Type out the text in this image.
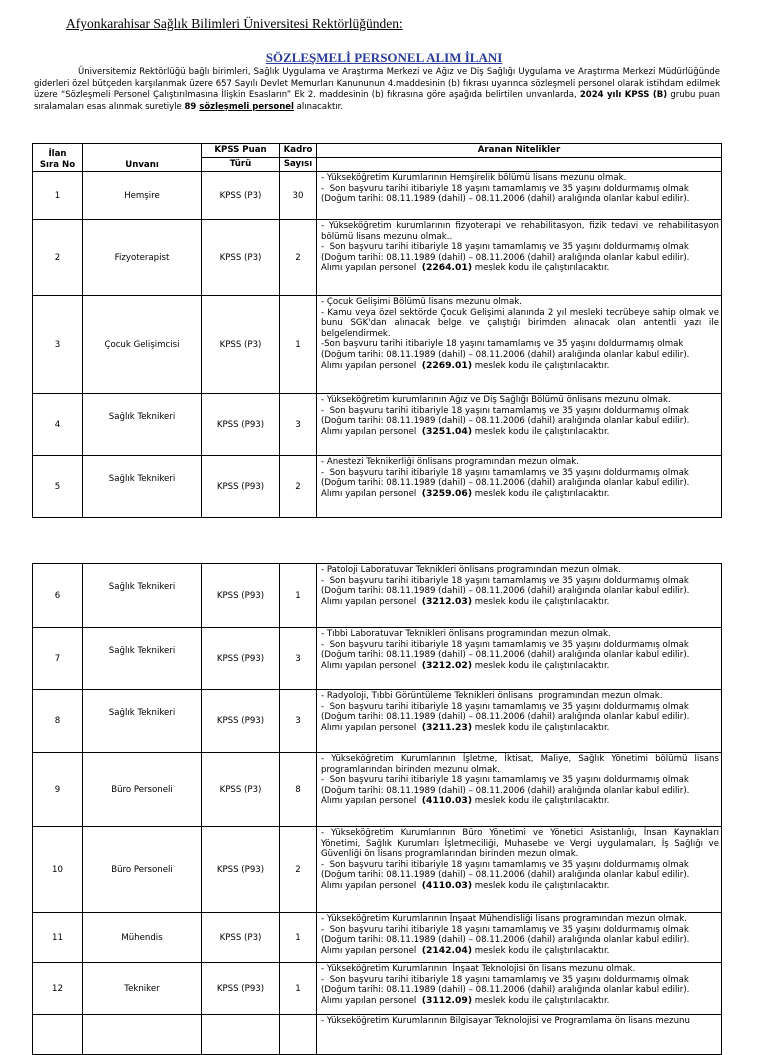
Afyonkarahisar Sağlık Bilimleri Üniversitesi Rektörlüğünden:
SÖZLEŞMELİ PERSONEL ALIM İLANI
Üniversitemiz Rektörlüğü bağlı birimleri, Sağlık Uygulama ve Araştırma Merkezi ve Ağız ve Diş Sağlığı Uygulama ve Araştırma Merkezi Müdürlüğünde giderleri özel bütçeden karşılanmak üzere 657 Sayılı Devlet Memurları Kanununun 4.maddesinin (b) fıkrası uyarınca sözleşmeli personel olarak istihdam edilmek üzere “Sözleşmeli Personel Çalıştırılmasına İlişkin Esasların” Ek 2. maddesinin (b) fıkrasına göre aşağıda belirtilen unvanlarda, 2024 yılı KPSS (B) grubu puan sıralamaları esas alınmak suretiyle 89 sözleşmeli personel alınacaktır.
İlan
Sıra No	Unvanı	KPSS Puan	Kadro	Aranan Nitelikler
		Türü	Sayısı	
1	Hemşire	KPSS (P3)	30	- Yükseköğretim Kurumlarının Hemşirelik bölümü lisans mezunu olmak.
-  Son başvuru tarihi itibariyle 18 yaşını tamamlamış ve 35 yaşını doldurmamış olmak
(Doğum tarihi: 08.11.1989 (dahil) – 08.11.2006 (dahil) aralığında olanlar kabul edilir).

2	Fizyoterapist	KPSS (P3)	2	- Yükseköğretim kurumlarının fizyoterapi ve rehabilitasyon, fizik tedavi ve rehabilitasyon bölümü lisans mezunu olmak..
-  Son başvuru tarihi itibariyle 18 yaşını tamamlamış ve 35 yaşını doldurmamış olmak
(Doğum tarihi: 08.11.1989 (dahil) – 08.11.2006 (dahil) aralığında olanlar kabul edilir).
Alımı yapılan personel  (2264.01) meslek kodu ile çalıştırılacaktır.

3	Çocuk Gelişimcisi	KPSS (P3)	1	- Çocuk Gelişimi Bölümü lisans mezunu olmak.
- Kamu veya özel sektörde Çocuk Gelişimi alanında 2 yıl mesleki tecrübeye sahip olmak ve bunu SGK'dan alınacak belge ve çalıştığı birimden alınacak olan antentli yazı ile belgelendirmek.
-Son başvuru tarihi itibariyle 18 yaşını tamamlamış ve 35 yaşını doldurmamış olmak
(Doğum tarihi: 08.11.1989 (dahil) – 08.11.2006 (dahil) aralığında olanlar kabul edilir).
Alımı yapılan personel  (2269.01) meslek kodu ile çalıştırılacaktır.

4	Sağlık Teknikeri	KPSS (P93)	3	- Yükseköğretim kurumlarının Ağız ve Diş Sağlığı Bölümü önlisans mezunu olmak.
-  Son başvuru tarihi itibariyle 18 yaşını tamamlamış ve 35 yaşını doldurmamış olmak
(Doğum tarihi: 08.11.1989 (dahil) – 08.11.2006 (dahil) aralığında olanlar kabul edilir).
Alımı yapılan personel  (3251.04) meslek kodu ile çalıştırılacaktır.

5	Sağlık Teknikeri	KPSS (P93)	2	- Anestezi Teknikerliği önlisans programından mezun olmak.
-  Son başvuru tarihi itibariyle 18 yaşını tamamlamış ve 35 yaşını doldurmamış olmak
(Doğum tarihi: 08.11.1989 (dahil) – 08.11.2006 (dahil) aralığında olanlar kabul edilir).
Alımı yapılan personel  (3259.06) meslek kodu ile çalıştırılacaktır.
6	Sağlık Teknikeri	KPSS (P93)	1	- Patoloji Laboratuvar Teknikleri önlisans programından mezun olmak.
-  Son başvuru tarihi itibariyle 18 yaşını tamamlamış ve 35 yaşını doldurmamış olmak
(Doğum tarihi: 08.11.1989 (dahil) – 08.11.2006 (dahil) aralığında olanlar kabul edilir).
Alımı yapılan personel  (3212.03) meslek kodu ile çalıştırılacaktır.

7	Sağlık Teknikeri	KPSS (P93)	3	- Tıbbi Laboratuvar Teknikleri önlisans programından mezun olmak.
-  Son başvuru tarihi itibariyle 18 yaşını tamamlamış ve 35 yaşını doldurmamış olmak
(Doğum tarihi: 08.11.1989 (dahil) – 08.11.2006 (dahil) aralığında olanlar kabul edilir).
Alımı yapılan personel  (3212.02) meslek kodu ile çalıştırılacaktır.

8	Sağlık Teknikeri	KPSS (P93)	3	- Radyoloji, Tıbbi Görüntüleme Teknikleri önlisans  programından mezun olmak.
-  Son başvuru tarihi itibariyle 18 yaşını tamamlamış ve 35 yaşını doldurmamış olmak
(Doğum tarihi: 08.11.1989 (dahil) – 08.11.2006 (dahil) aralığında olanlar kabul edilir).
Alımı yapılan personel  (3211.23) meslek kodu ile çalıştırılacaktır.

9	Büro Personeli	KPSS (P3)	8	- Yükseköğretim Kurumlarının İşletme, İktisat, Maliye, Sağlık Yönetimi bölümü lisans programlarından birinden mezunu olmak.
-  Son başvuru tarihi itibariyle 18 yaşını tamamlamış ve 35 yaşını doldurmamış olmak
(Doğum tarihi: 08.11.1989 (dahil) – 08.11.2006 (dahil) aralığında olanlar kabul edilir).
Alımı yapılan personel  (4110.03) meslek kodu ile çalıştırılacaktır.

10	Büro Personeli	KPSS (P93)	2	- Yükseköğretim Kurumlarının Büro Yönetimi ve Yönetici Asistanlığı, İnsan Kaynakları Yönetimi, Sağlık Kurumları İşletmeciliği, Muhasebe ve Vergi uygulamaları, İş Sağlığı ve Güvenliği ön lisans programlarından birinden mezun olmak.
-  Son başvuru tarihi itibariyle 18 yaşını tamamlamış ve 35 yaşını doldurmamış olmak
(Doğum tarihi: 08.11.1989 (dahil) – 08.11.2006 (dahil) aralığında olanlar kabul edilir).
Alımı yapılan personel  (4110.03) meslek kodu ile çalıştırılacaktır.

11	Mühendis	KPSS (P3)	1	- Yükseköğretim Kurumlarının İnşaat Mühendisliği lisans programından mezun olmak.
-  Son başvuru tarihi itibariyle 18 yaşını tamamlamış ve 35 yaşını doldurmamış olmak
(Doğum tarihi: 08.11.1989 (dahil) – 08.11.2006 (dahil) aralığında olanlar kabul edilir).
Alımı yapılan personel  (2142.04) meslek kodu ile çalıştırılacaktır.

12	Tekniker	KPSS (P93)	1	- Yükseköğretim Kurumlarının  İnşaat Teknolojisi ön lisans mezunu olmak.
-  Son başvuru tarihi itibariyle 18 yaşını tamamlamış ve 35 yaşını doldurmamış olmak
(Doğum tarihi: 08.11.1989 (dahil) – 08.11.2006 (dahil) aralığında olanlar kabul edilir).
Alımı yapılan personel  (3112.09) meslek kodu ile çalıştırılacaktır.

				- Yükseköğretim Kurumlarının Bilgisayar Teknolojisi ve Programlama ön lisans mezunu
